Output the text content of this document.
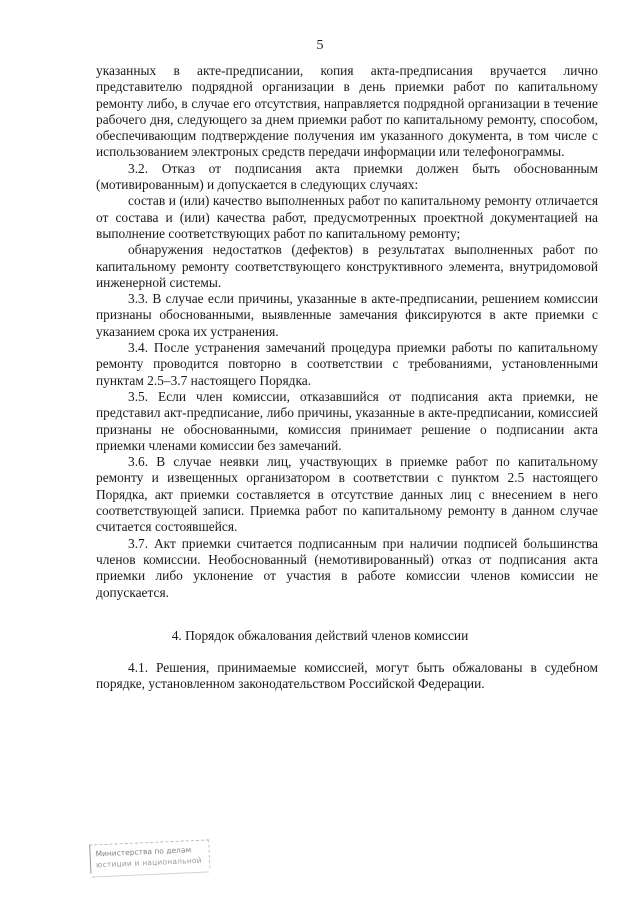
5

указанных в акте-предписании, копия акта-предписания вручается лично представителю подрядной организации в день приемки работ по капитальному ремонту либо, в случае его отсутствия, направляется подрядной организации в течение рабочего дня, следующего за днем приемки работ по капитальному ремонту, способом, обеспечивающим подтверждение получения им указанного документа, в том числе с использованием электроных средств передачи информации или телефонограммы.

3.2. Отказ от подписания акта приемки должен быть обоснованным (мотивированным) и допускается в следующих случаях:

состав и (или) качество выполненных работ по капитальному ремонту отличается от состава и (или) качества работ, предусмотренных проектной документацией на выполнение соответствующих работ по капитальному ремонту;

обнаружения недостатков (дефектов) в результатах выполненных работ по капитальному ремонту соответствующего конструктивного элемента, внутридомовой инженерной системы.

3.3. В случае если причины, указанные в акте-предписании, решением комиссии признаны обоснованными, выявленные замечания фиксируются в акте приемки с указанием срока их устранения.

3.4. После устранения замечаний процедура приемки работы по капитальному ремонту проводится повторно в соответствии с требованиями, установленными пунктам 2.5–3.7 настоящего Порядка.

3.5. Если член комиссии, отказавшийся от подписания акта приемки, не представил акт-предписание, либо причины, указанные в акте-предписании, комиссией признаны не обоснованными, комиссия принимает решение о подписании акта приемки членами комиссии без замечаний.

3.6. В случае неявки лиц, участвующих в приемке работ по капитальному ремонту и извещенных организатором в соответствии с пунктом 2.5 настоящего Порядка, акт приемки составляется в отсутствие данных лиц с внесением в него соответствующей записи. Приемка работ по капитальному ремонту в данном случае считается состоявшейся.

3.7. Акт приемки считается подписанным при наличии подписей большинства членов комиссии. Необоснованный (немотивированный) отказ от подписания акта приемки либо уклонение от участия в работе комиссии членов комиссии не допускается.

4. Порядок обжалования действий членов комиссии

4.1. Решения, принимаемые комиссией, могут быть обжалованы в судебном порядке, установленном законодательством Российской Федерации.

Министерства по делам
юстиции и национальной
